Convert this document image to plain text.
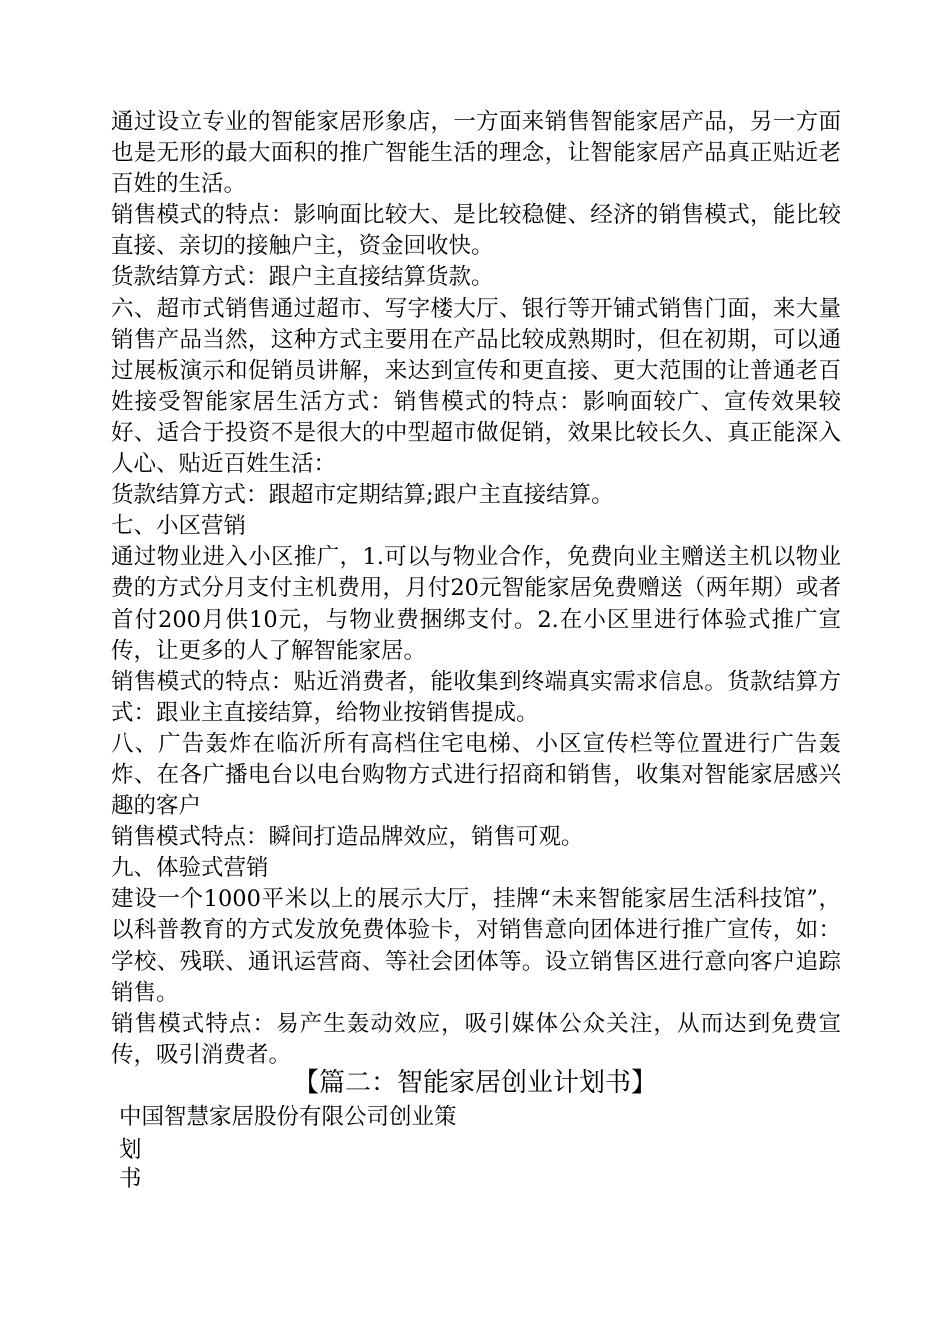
通过设立专业的智能家居形象店，一方面来销售智能家居产品，另一方面也是无形的最大面积的推广智能生活的理念，让智能家居产品真正贴近老百姓的生活。

销售模式的特点：影响面比较大、是比较稳健、经济的销售模式，能比较直接、亲切的接触户主，资金回收快。

货款结算方式：跟户主直接结算货款。

六、超市式销售通过超市、写字楼大厅、银行等开铺式销售门面，来大量销售产品当然，这种方式主要用在产品比较成熟期时，但在初期，可以通过展板演示和促销员讲解，来达到宣传和更直接、更大范围的让普通老百姓接受智能家居生活方式：销售模式的特点：影响面较广、宣传效果较好、适合于投资不是很大的中型超市做促销，效果比较长久、真正能深入人心、贴近百姓生活：

货款结算方式：跟超市定期结算;跟户主直接结算。

七、小区营销

通过物业进入小区推广，1.可以与物业合作，免费向业主赠送主机以物业费的方式分月支付主机费用，月付20元智能家居免费赠送（两年期）或者首付200月供10元，与物业费捆绑支付。2.在小区里进行体验式推广宣传，让更多的人了解智能家居。

销售模式的特点：贴近消费者，能收集到终端真实需求信息。货款结算方式：跟业主直接结算，给物业按销售提成。

八、广告轰炸在临沂所有高档住宅电梯、小区宣传栏等位置进行广告轰炸、在各广播电台以电台购物方式进行招商和销售，收集对智能家居感兴趣的客户

销售模式特点：瞬间打造品牌效应，销售可观。

九、体验式营销

建设一个1000平米以上的展示大厅，挂牌“未来智能家居生活科技馆”，以科普教育的方式发放免费体验卡，对销售意向团体进行推广宣传，如：学校、残联、通讯运营商、等社会团体等。设立销售区进行意向客户追踪销售。

销售模式特点：易产生轰动效应，吸引媒体公众关注，从而达到免费宣传，吸引消费者。

【篇二：智能家居创业计划书】

中国智慧家居股份有限公司创业策

划

书
